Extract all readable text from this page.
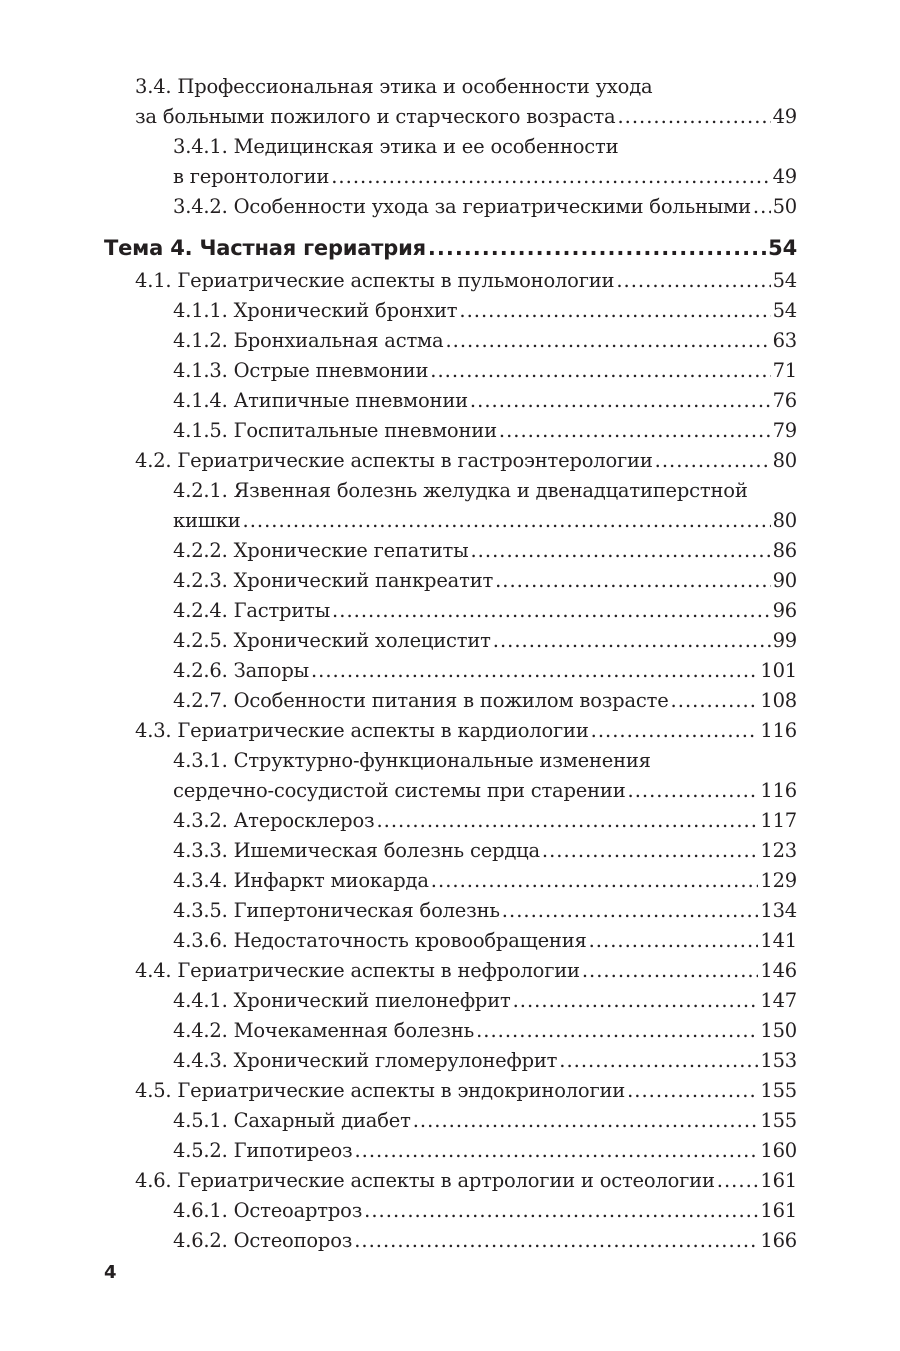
3.4. Профессиональная этика и особенности ухода
за больными пожилого и старческого возраста .....	49
3.4.1. Медицинская этика и ее особенности
в геронтологии .....	49
3.4.2. Особенности ухода за гериатрическими больными ..... 50
Тема 4. Частная гериатрия .....	54
4.1. Гериатрические аспекты в пульмонологии .....	54
4.1.1. Хронический бронхит .....	54
4.1.2. Бронхиальная астма .....	63
4.1.3. Острые пневмонии .....	71
4.1.4. Атипичные пневмонии .....	76
4.1.5. Госпитальные пневмонии .....	79
4.2. Гериатрические аспекты в гастроэнтерологии .....	80
4.2.1. Язвенная болезнь желудка и двенадцатиперстной
кишки .....	80
4.2.2. Хронические гепатиты .....	86
4.2.3. Хронический панкреатит .....	90
4.2.4. Гастриты .....	96
4.2.5. Хронический холецистит .....	99
4.2.6. Запоры .....	101
4.2.7. Особенности питания в пожилом возрасте .....	108
4.3. Гериатрические аспекты в кардиологии .....	116
4.3.1. Структурно-функциональные изменения
сердечно-сосудистой системы при старении .....	116
4.3.2. Атеросклероз .....	117
4.3.3. Ишемическая болезнь сердца .....	123
4.3.4. Инфаркт миокарда .....	129
4.3.5. Гипертоническая болезнь .....	134
4.3.6. Недостаточность кровообращения .....	141
4.4. Гериатрические аспекты в нефрологии .....	146
4.4.1. Хронический пиелонефрит .....	147
4.4.2. Мочекаменная болезнь .....	150
4.4.3. Хронический гломерулонефрит .....	153
4.5. Гериатрические аспекты в эндокринологии .....	155
4.5.1. Сахарный диабет .....	155
4.5.2. Гипотиреоз .....	160
4.6. Гериатрические аспекты в артрологии и остеологии ..... 161
4.6.1. Остеоартроз .....	161
4.6.2. Остеопороз .....	166
4
